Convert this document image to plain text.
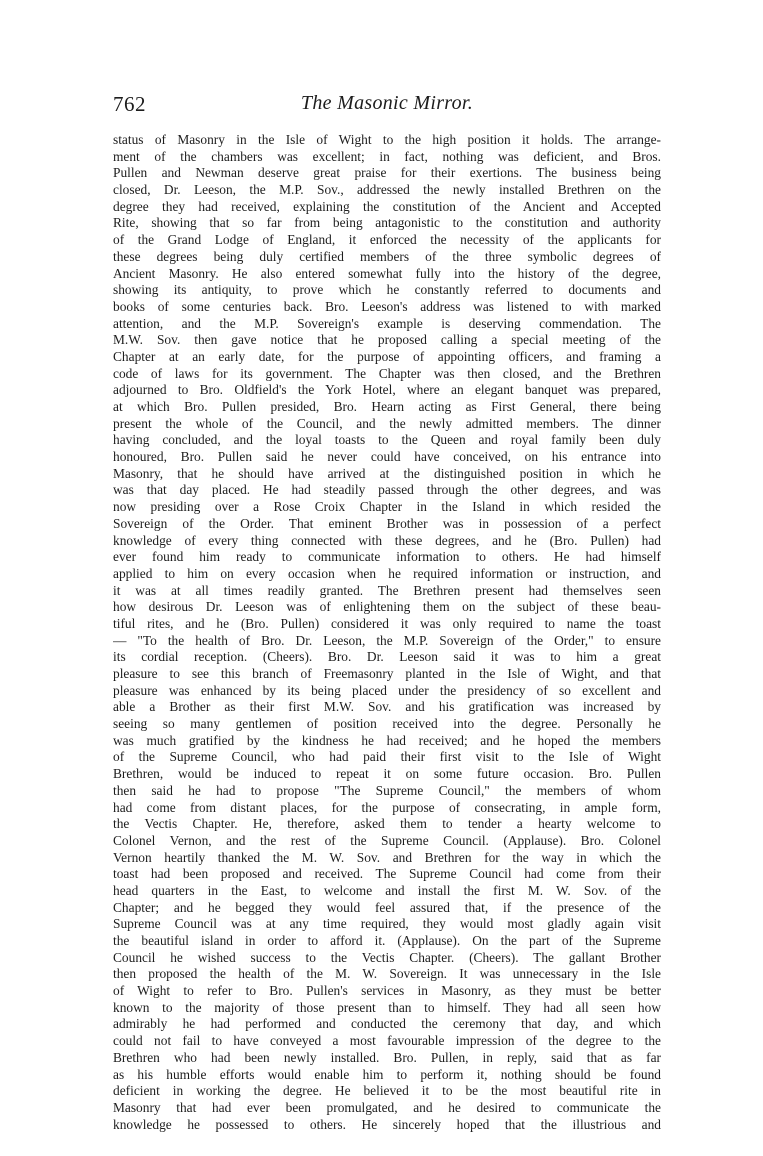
762	The Masonic Mirror.
status of Masonry in the Isle of Wight to the high position it holds. The arrange-
ment of the chambers was excellent; in fact, nothing was deficient, and Bros.
Pullen and Newman deserve great praise for their exertions. The business being
closed, Dr. Leeson, the M.P. Sov., addressed the newly installed Brethren on the
degree they had received, explaining the constitution of the Ancient and Accepted
Rite, showing that so far from being antagonistic to the constitution and authority
of the Grand Lodge of England, it enforced the necessity of the applicants for
these degrees being duly certified members of the three symbolic degrees of
Ancient Masonry. He also entered somewhat fully into the history of the degree,
showing its antiquity, to prove which he constantly referred to documents and
books of some centuries back. Bro. Leeson's address was listened to with marked
attention, and the M.P. Sovereign's example is deserving commendation. The
M.W. Sov. then gave notice that he proposed calling a special meeting of the
Chapter at an early date, for the purpose of appointing officers, and framing a
code of laws for its government. The Chapter was then closed, and the Brethren
adjourned to Bro. Oldfield's the York Hotel, where an elegant banquet was prepared,
at which Bro. Pullen presided, Bro. Hearn acting as First General, there being
present the whole of the Council, and the newly admitted members. The dinner
having concluded, and the loyal toasts to the Queen and royal family been duly
honoured, Bro. Pullen said he never could have conceived, on his entrance into
Masonry, that he should have arrived at the distinguished position in which he
was that day placed. He had steadily passed through the other degrees, and was
now presiding over a Rose Croix Chapter in the Island in which resided the
Sovereign of the Order. That eminent Brother was in possession of a perfect
knowledge of every thing connected with these degrees, and he (Bro. Pullen) had
ever found him ready to communicate information to others. He had himself
applied to him on every occasion when he required information or instruction, and
it was at all times readily granted. The Brethren present had themselves seen
how desirous Dr. Leeson was of enlightening them on the subject of these beau-
tiful rites, and he (Bro. Pullen) considered it was only required to name the toast
— "To the health of Bro. Dr. Leeson, the M.P. Sovereign of the Order," to ensure
its cordial reception. (Cheers). Bro. Dr. Leeson said it was to him a great
pleasure to see this branch of Freemasonry planted in the Isle of Wight, and that
pleasure was enhanced by its being placed under the presidency of so excellent and
able a Brother as their first M.W. Sov. and his gratification was increased by
seeing so many gentlemen of position received into the degree. Personally he
was much gratified by the kindness he had received; and he hoped the members
of the Supreme Council, who had paid their first visit to the Isle of Wight
Brethren, would be induced to repeat it on some future occasion. Bro. Pullen
then said he had to propose "The Supreme Council," the members of whom
had come from distant places, for the purpose of consecrating, in ample form,
the Vectis Chapter. He, therefore, asked them to tender a hearty welcome to
Colonel Vernon, and the rest of the Supreme Council. (Applause). Bro. Colonel
Vernon heartily thanked the M. W. Sov. and Brethren for the way in which the
toast had been proposed and received. The Supreme Council had come from their
head quarters in the East, to welcome and install the first M. W. Sov. of the
Chapter; and he begged they would feel assured that, if the presence of the
Supreme Council was at any time required, they would most gladly again visit
the beautiful island in order to afford it. (Applause). On the part of the Supreme
Council he wished success to the Vectis Chapter. (Cheers). The gallant Brother
then proposed the health of the M. W. Sovereign. It was unnecessary in the Isle
of Wight to refer to Bro. Pullen's services in Masonry, as they must be better
known to the majority of those present than to himself. They had all seen how
admirably he had performed and conducted the ceremony that day, and which
could not fail to have conveyed a most favourable impression of the degree to the
Brethren who had been newly installed. Bro. Pullen, in reply, said that as far
as his humble efforts would enable him to perform it, nothing should be found
deficient in working the degree. He believed it to be the most beautiful rite in
Masonry that had ever been promulgated, and he desired to communicate the
knowledge he possessed to others. He sincerely hoped that the illustrious and
